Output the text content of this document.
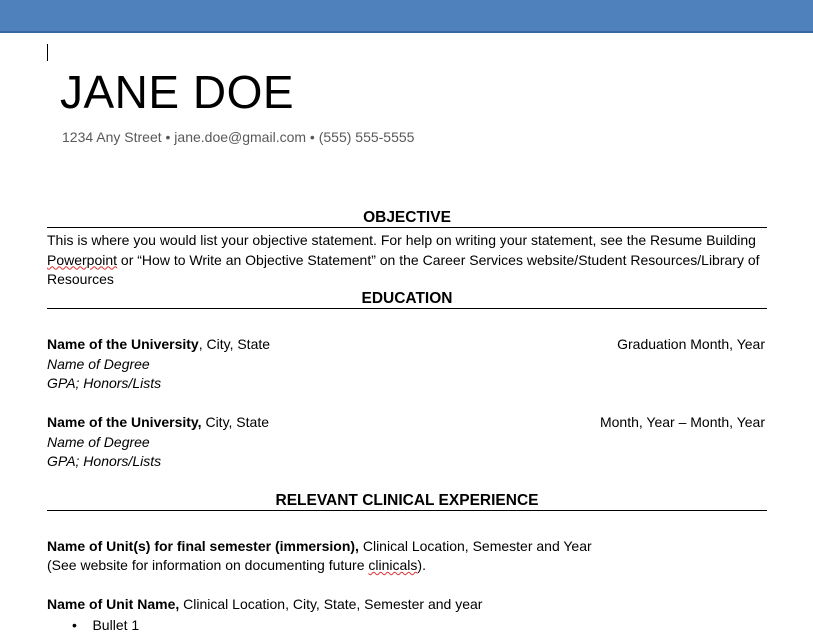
JANE DOE
1234 Any Street • jane.doe@gmail.com • (555) 555-5555
OBJECTIVE
This is where you would list your objective statement. For help on writing your statement, see the Resume Building Powerpoint or “How to Write an Objective Statement” on the Career Services website/Student Resources/Library of Resources
EDUCATION
Name of the University, City, State	Graduation Month, Year
Name of Degree
GPA; Honors/Lists
Name of the University, City, State	Month, Year – Month, Year
Name of Degree
GPA; Honors/Lists
RELEVANT CLINICAL EXPERIENCE
Name of Unit(s) for final semester (immersion), Clinical Location, Semester and Year
(See website for information on documenting future clinicals).
Name of Unit Name, Clinical Location, City, State, Semester and year
• Bullet 1
